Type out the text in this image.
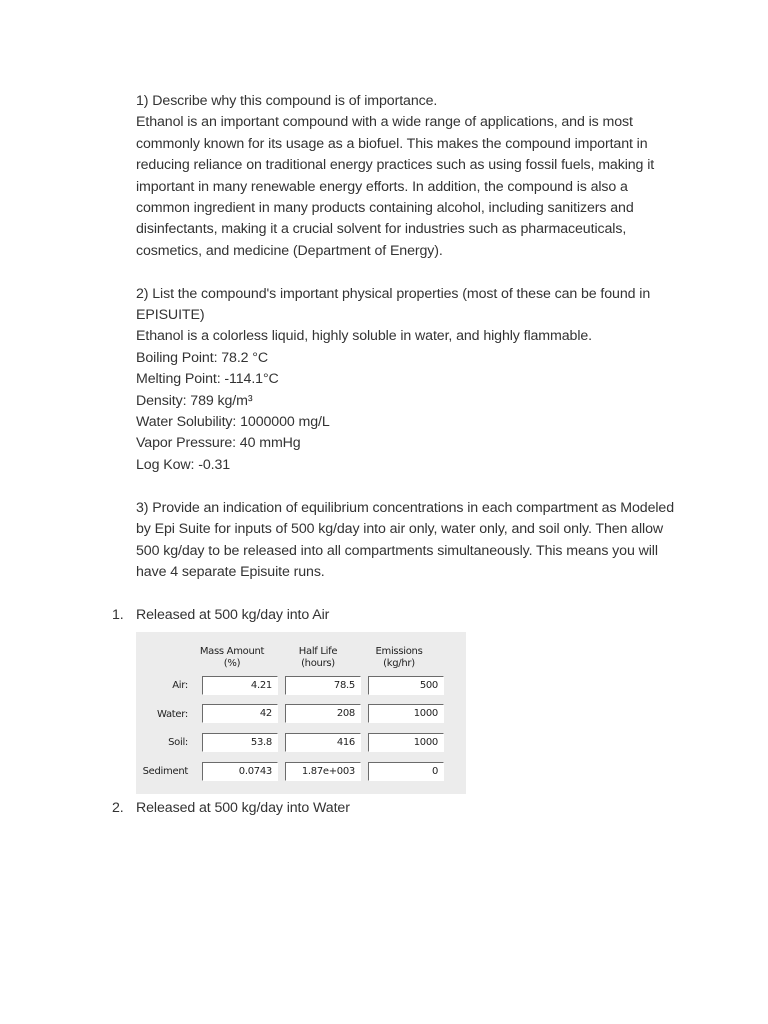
1) Describe why this compound is of importance.

Ethanol is an important compound with a wide range of applications, and is most commonly known for its usage as a biofuel. This makes the compound important in reducing reliance on traditional energy practices such as using fossil fuels, making it important in many renewable energy efforts. In addition, the compound is also a common ingredient in many products containing alcohol, including sanitizers and disinfectants, making it a crucial solvent for industries such as pharmaceuticals, cosmetics, and medicine (Department of Energy).

2) List the compound's important physical properties (most of these can be found in EPISUITE)

Ethanol is a colorless liquid, highly soluble in water, and highly flammable.

Boiling Point: 78.2 °C

Melting Point: -114.1°C

Density: 789 kg/m³

Water Solubility: 1000000 mg/L

Vapor Pressure: 40 mmHg

Log Kow: -0.31

3) Provide an indication of equilibrium concentrations in each compartment as Modeled by Epi Suite for inputs of 500 kg/day into air only, water only, and soil only. Then allow 500 kg/day to be released into all compartments simultaneously. This means you will have 4 separate Episuite runs.

1. Released at 500 kg/day into Air
Mass Amount
(%)
Half Life
(hours)
Emissions
(kg/hr)
Air:	4.21	78.5	500
Water:	42	208	1000
Soil:	53.8	416	1000
Sediment	0.0743	1.87e+003	0
2. Released at 500 kg/day into Water
